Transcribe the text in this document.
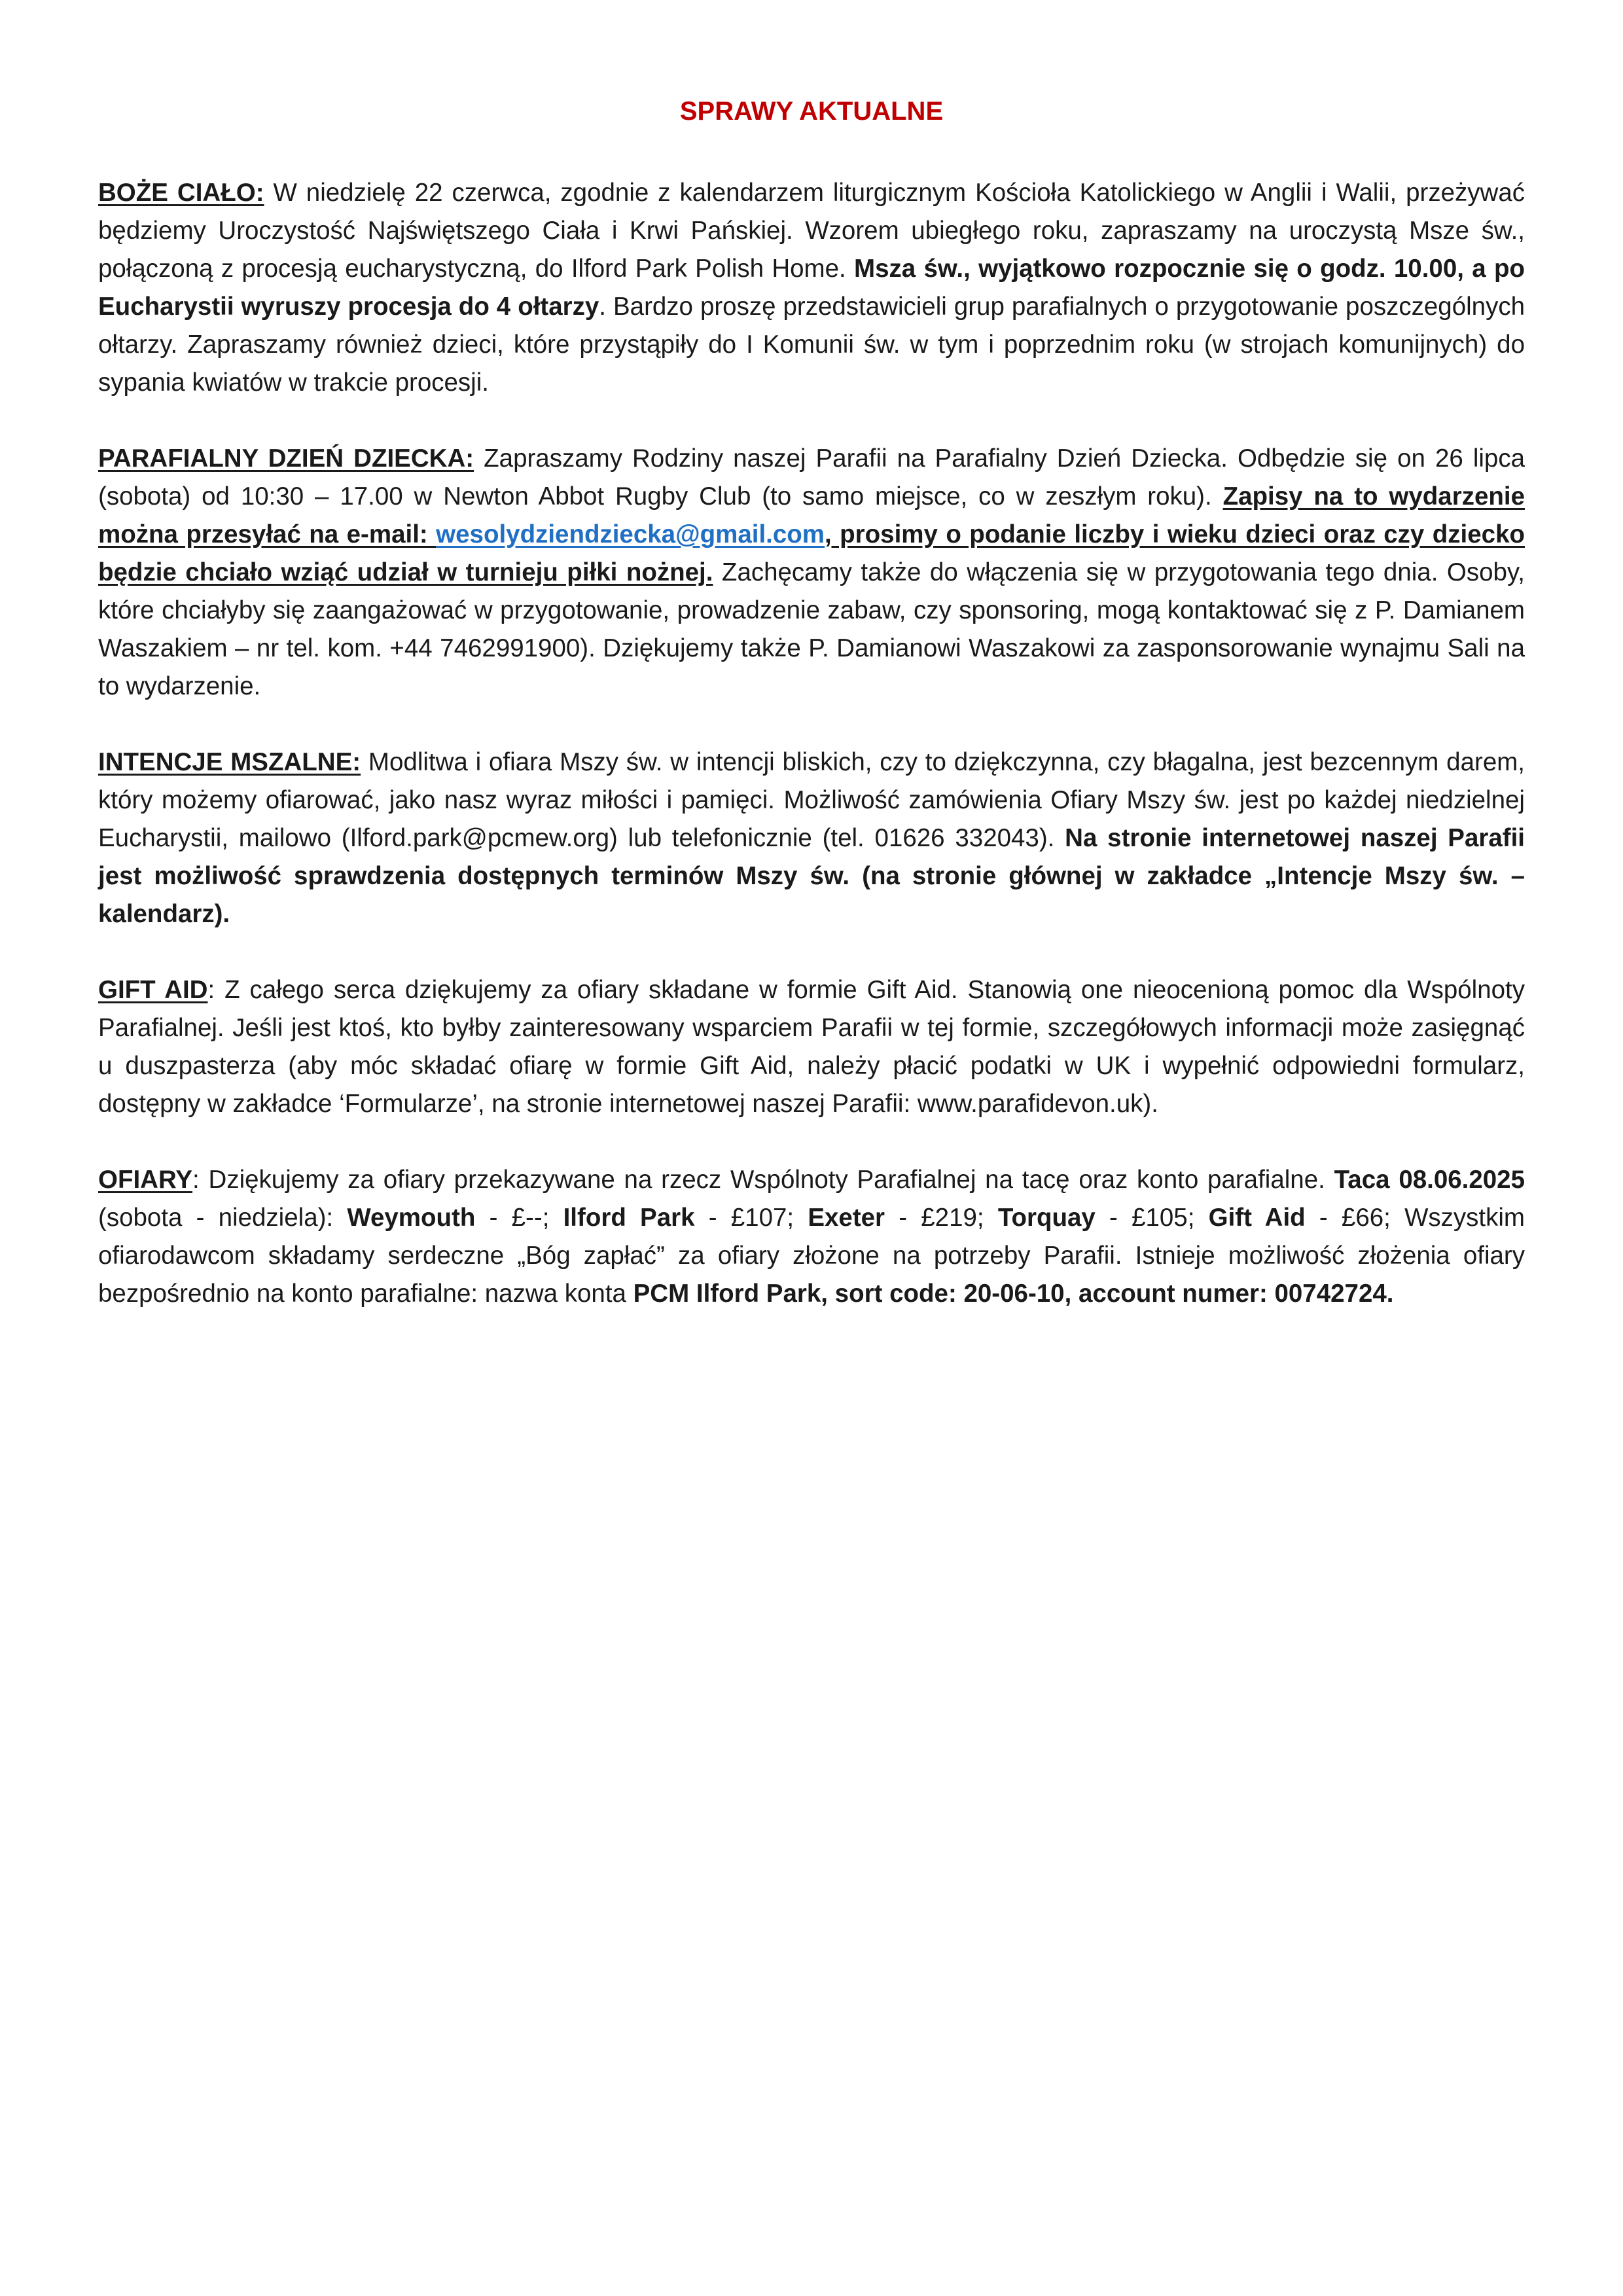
SPRAWY AKTUALNE

BOŻE CIAŁO: W niedzielę 22 czerwca, zgodnie z kalendarzem liturgicznym Kościoła Katolickiego w Anglii i Walii, przeżywać będziemy Uroczystość Najświętszego Ciała i Krwi Pańskiej. Wzorem ubiegłego roku, zapraszamy na uroczystą Msze św., połączoną z procesją eucharystyczną, do Ilford Park Polish Home. Msza św., wyjątkowo rozpocznie się o godz. 10.00, a po Eucharystii wyruszy procesja do 4 ołtarzy. Bardzo proszę przedstawicieli grup parafialnych o przygotowanie poszczególnych ołtarzy. Zapraszamy również dzieci, które przystąpiły do I Komunii św. w tym i poprzednim roku (w strojach komunijnych) do sypania kwiatów w trakcie procesji.

PARAFIALNY DZIEŃ DZIECKA: Zapraszamy Rodziny naszej Parafii na Parafialny Dzień Dziecka. Odbędzie się on 26 lipca (sobota) od 10:30 – 17.00 w Newton Abbot Rugby Club (to samo miejsce, co w zeszłym roku). Zapisy na to wydarzenie można przesyłać na e-mail: wesolydziendziecka@gmail.com, prosimy o podanie liczby i wieku dzieci oraz czy dziecko będzie chciało wziąć udział w turnieju piłki nożnej. Zachęcamy także do włączenia się w przygotowania tego dnia. Osoby, które chciałyby się zaangażować w przygotowanie, prowadzenie zabaw, czy sponsoring, mogą kontaktować się z P. Damianem Waszakiem – nr tel. kom. +44 7462991900). Dziękujemy także P. Damianowi Waszakowi za zasponsorowanie wynajmu Sali na to wydarzenie.

INTENCJE MSZALNE: Modlitwa i ofiara Mszy św. w intencji bliskich, czy to dziękczynna, czy błagalna, jest bezcennym darem, który możemy ofiarować, jako nasz wyraz miłości i pamięci. Możliwość zamówienia Ofiary Mszy św. jest po każdej niedzielnej Eucharystii, mailowo (Ilford.park@pcmew.org) lub telefonicznie (tel. 01626 332043). Na stronie internetowej naszej Parafii jest możliwość sprawdzenia dostępnych terminów Mszy św. (na stronie głównej w zakładce „Intencje Mszy św. – kalendarz).

GIFT AID: Z całego serca dziękujemy za ofiary składane w formie Gift Aid. Stanowią one nieocenioną pomoc dla Wspólnoty Parafialnej. Jeśli jest ktoś, kto byłby zainteresowany wsparciem Parafii w tej formie, szczegółowych informacji może zasięgnąć u duszpasterza (aby móc składać ofiarę w formie Gift Aid, należy płacić podatki w UK i wypełnić odpowiedni formularz, dostępny w zakładce ‘Formularze’, na stronie internetowej naszej Parafii: www.parafidevon.uk).

OFIARY: Dziękujemy za ofiary przekazywane na rzecz Wspólnoty Parafialnej na tacę oraz konto parafialne. Taca 08.06.2025 (sobota - niedziela): Weymouth - £--; Ilford Park - £107; Exeter - £219; Torquay - £105; Gift Aid - £66; Wszystkim ofiarodawcom składamy serdeczne „Bóg zapłać” za ofiary złożone na potrzeby Parafii. Istnieje możliwość złożenia ofiary bezpośrednio na konto parafialne: nazwa konta PCM Ilford Park, sort code: 20-06-10, account numer: 00742724.
